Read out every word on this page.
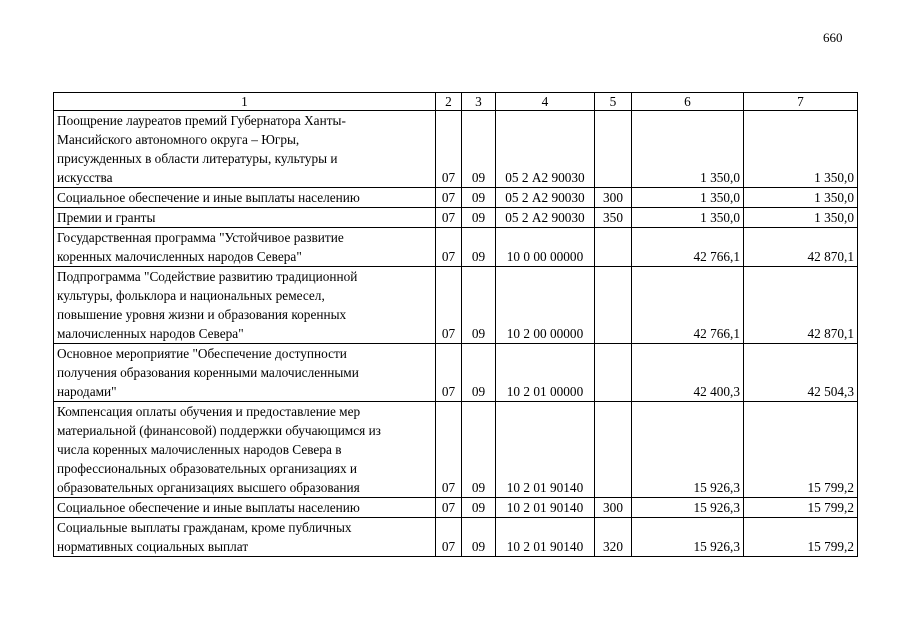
660
1	2	3	4	5	6	7
Поощрение лауреатов премий Губернатора Ханты-
Мансийского автономного округа – Югры,
присужденных в области литературы, культуры и
искусства	07	09	05 2 А2 90030		1 350,0	1 350,0
Социальное обеспечение и иные выплаты населению	07	09	05 2 А2 90030	300	1 350,0	1 350,0
Премии и гранты	07	09	05 2 А2 90030	350	1 350,0	1 350,0
Государственная программа "Устойчивое развитие
коренных малочисленных народов Севера"	07	09	10 0 00 00000		42 766,1	42 870,1
Подпрограмма "Содействие развитию традиционной
культуры, фольклора и национальных ремесел,
повышение уровня жизни и образования коренных
малочисленных народов Севера"	07	09	10 2 00 00000		42 766,1	42 870,1
Основное мероприятие "Обеспечение доступности
получения образования коренными малочисленными
народами"	07	09	10 2 01 00000		42 400,3	42 504,3
Компенсация оплаты обучения и предоставление мер
материальной (финансовой) поддержки обучающимся из
числа коренных малочисленных народов Севера в
профессиональных образовательных организациях и
образовательных организациях высшего образования	07	09	10 2 01 90140		15 926,3	15 799,2
Социальное обеспечение и иные выплаты населению	07	09	10 2 01 90140	300	15 926,3	15 799,2
Социальные выплаты гражданам, кроме публичных
нормативных социальных выплат	07	09	10 2 01 90140	320	15 926,3	15 799,2
